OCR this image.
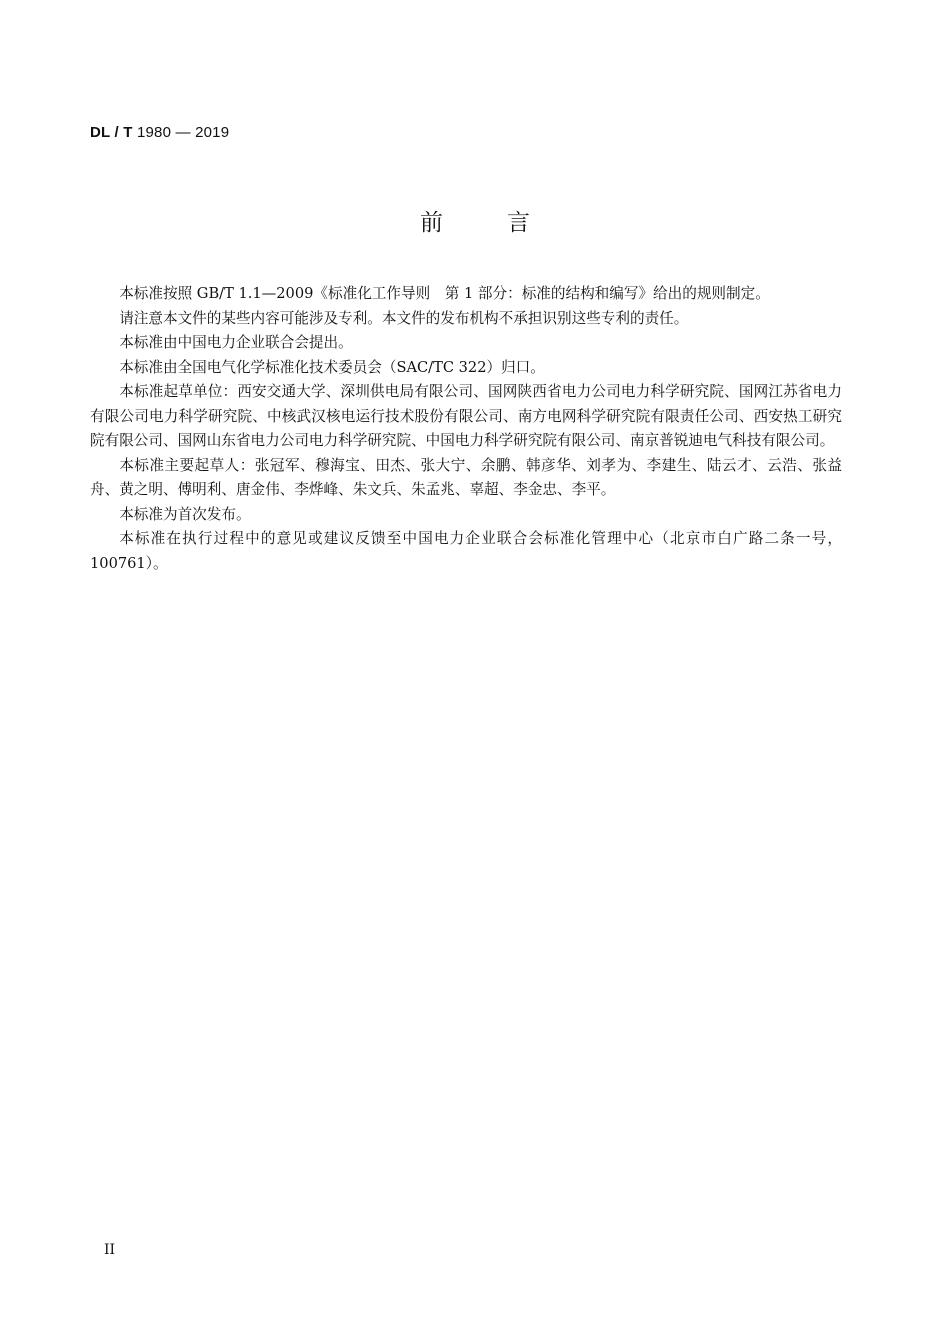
DL / T 1980 — 2019
前	言

本标准按照 GB/T 1.1—2009《标准化工作导则　第 1 部分：标准的结构和编写》给出的规则制定。

请注意本文件的某些内容可能涉及专利。本文件的发布机构不承担识别这些专利的责任。

本标准由中国电力企业联合会提出。

本标准由全国电气化学标准化技术委员会（SAC/TC 322）归口。

本标准起草单位：西安交通大学、深圳供电局有限公司、国网陕西省电力公司电力科学研究院、国网江苏省电力有限公司电力科学研究院、中核武汉核电运行技术股份有限公司、南方电网科学研究院有限责任公司、西安热工研究院有限公司、国网山东省电力公司电力科学研究院、中国电力科学研究院有限公司、南京普锐迪电气科技有限公司。

本标准主要起草人：张冠军、穆海宝、田杰、张大宁、余鹏、韩彦华、刘孝为、李建生、陆云才、云浩、张益舟、黄之明、傅明利、唐金伟、李烨峰、朱文兵、朱孟兆、辜超、李金忠、李平。

本标准为首次发布。

本标准在执行过程中的意见或建议反馈至中国电力企业联合会标准化管理中心（北京市白广路二条一号，100761）。

II
